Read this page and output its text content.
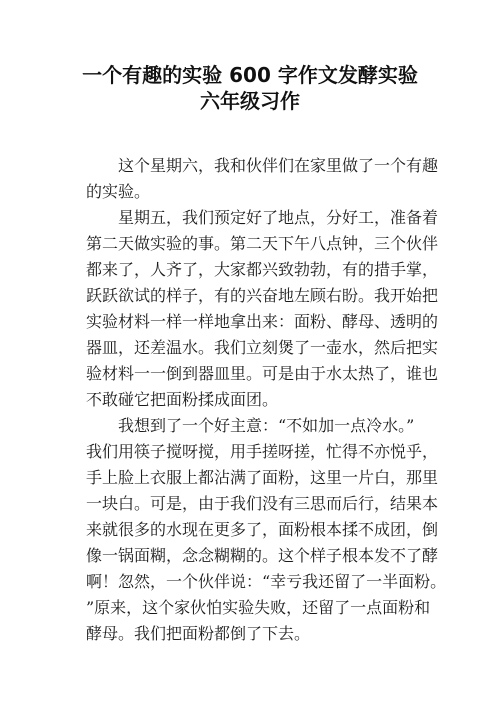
一个有趣的实验 600 字作文发酵实验
六年级习作
这个星期六，我和伙伴们在家里做了一个有趣
的实验。
星期五，我们预定好了地点，分好工，准备着
第二天做实验的事。第二天下午八点钟，三个伙伴
都来了，人齐了，大家都兴致勃勃，有的措手掌，
跃跃欲试的样子，有的兴奋地左顾右盼。我开始把
实验材料一样一样地拿出来：面粉、酵母、透明的
器皿，还差温水。我们立刻煲了一壶水，然后把实
验材料一一倒到器皿里。可是由于水太热了，谁也
不敢碰它把面粉揉成面团。
我想到了一个好主意：“不如加一点冷水。”
我们用筷子搅呀搅，用手搓呀搓，忙得不亦悦乎，
手上脸上衣服上都沾满了面粉，这里一片白，那里
一块白。可是，由于我们没有三思而后行，结果本
来就很多的水现在更多了，面粉根本揉不成团，倒
像一锅面糊，念念糊糊的。这个样子根本发不了酵
啊！忽然，一个伙伴说：“幸亏我还留了一半面粉。
”原来，这个家伙怕实验失败，还留了一点面粉和
酵母。我们把面粉都倒了下去。
